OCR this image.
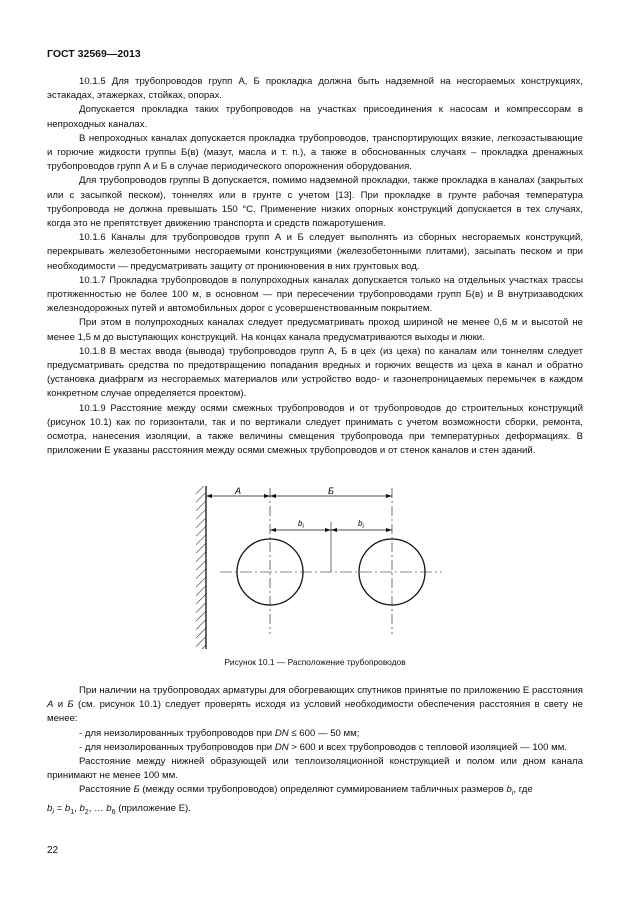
ГОСТ 32569—2013

10.1.5 Для трубопроводов групп А, Б прокладка должна быть надземной на несгораемых конструкциях, эстакадах, этажерках, стойках, опорах.

Допускается прокладка таких трубопроводов на участках присоединения к насосам и компрессорам в непроходных каналах.

В непроходных каналах допускается прокладка трубопроводов, транспортирующих вязкие, легкозастывающие и горючие жидкости группы Б(в) (мазут, масла и т. п.), а также в обоснованных случаях – прокладка дренажных трубопроводов групп А и Б в случае периодического опорожнения оборудования.

Для трубопроводов группы В допускается, помимо надземной прокладки, также прокладка в каналах (закрытых или с засыпкой песком), тоннелях или в грунте с учетом [13]. При прокладке в грунте рабочая температура трубопровода не должна превышать 150 °С. Применение низких опорных конструкций допускается в тех случаях, когда это не препятствует движению транспорта и средств пожаротушения.

10.1.6 Каналы для трубопроводов групп А и Б следует выполнять из сборных несгораемых конструкций, перекрывать железобетонными несгораемыми конструкциями (железобетонными плитами), засыпать песком и при необходимости — предусматривать защиту от проникновения в них грунтовых вод.

10.1.7 Прокладка трубопроводов в полупроходных каналах допускается только на отдельных участках трассы протяженностью не более 100 м, в основном — при пересечении трубопроводами групп Б(в) и В внутризаводских железнодорожных путей и автомобильных дорог с усовершенствованным покрытием.

При этом в полупроходных каналах следует предусматривать проход шириной не менее 0,6 м и высотой не менее 1,5 м до выступающих конструкций. На концах канала предусматриваются выходы и люки.

10.1.8 В местах ввода (вывода) трубопроводов групп А, Б в цех (из цеха) по каналам или тоннелям следует предусматривать средства по предотвращению попадания вредных и горючих веществ из цеха в канал и обратно (установка диафрагм из несгораемых материалов или устройство водо- и газонепроницаемых перемычек в каждом конкретном случае определяется проектом).

10.1.9 Расстояние между осями смежных трубопроводов и от трубопроводов до строительных конструкций (рисунок 10.1) как по горизонтали, так и по вертикали следует принимать с учетом возможности сборки, ремонта, осмотра, нанесения изоляции, а также величины смещения трубопровода при температурных деформациях. В приложении Е указаны расстояния между осями смежных трубопроводов и от стенок каналов и стен зданий.

А	Б
$b_i$	$b_i$
Рисунок 10.1 — Расположение трубопроводов

При наличии на трубопроводах арматуры для обогревающих спутников принятые по приложению Е расстояния А и Б (см. рисунок 10.1) следует проверять исходя из условий необходимости обеспечения расстояния в свету не менее:

- для неизолированных трубопроводов при DN ≤ 600 — 50 мм;

- для неизолированных трубопроводов при DN > 600 и всех трубопроводов с тепловой изоляцией — 100 мм.

Расстояние между нижней образующей или теплоизоляционной конструкцией и полом или дном канала принимают не менее 100 мм.

Расстояние Б (между осями трубопроводов) определяют суммированием табличных размеров $b_i$, где

$b_i = b_1$, $b_2$, … $b_6$ (приложение Е).

22
